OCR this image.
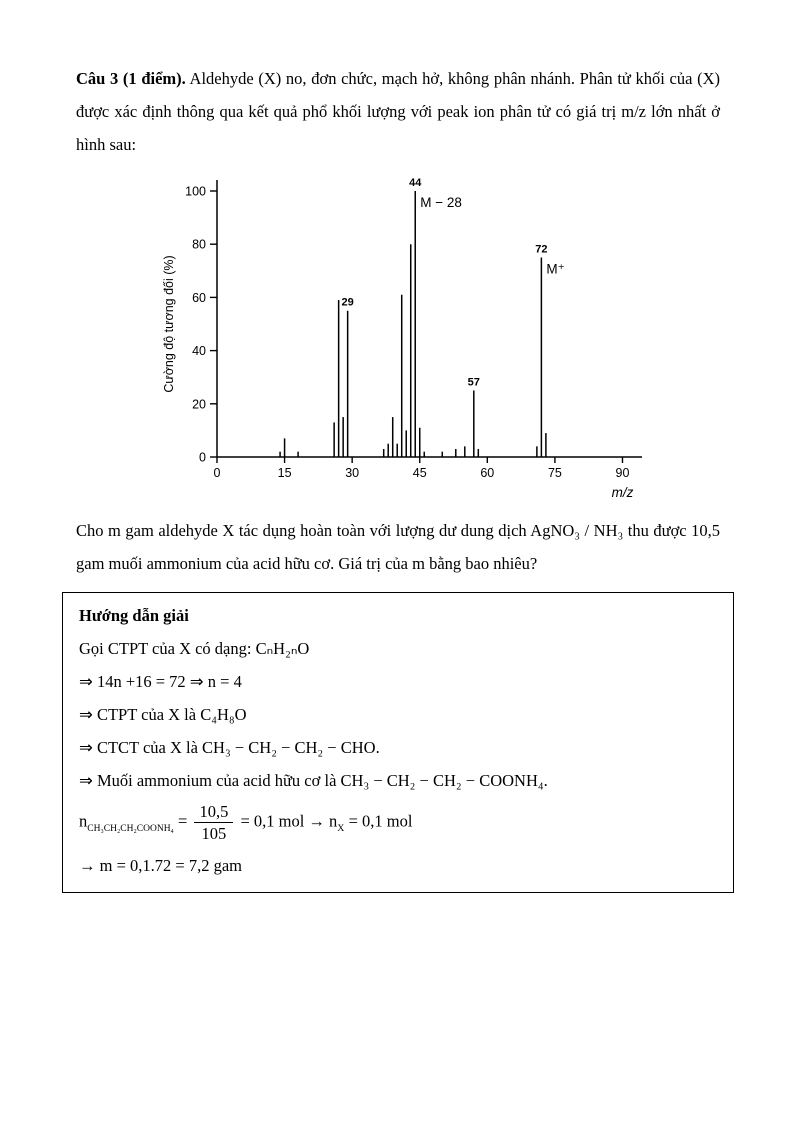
Câu 3 (1 điểm). Aldehyde (X) no, đơn chức, mạch hở, không phân nhánh. Phân tử khối của (X) được xác định thông qua kết quả phổ khối lượng với peak ion phân tử có giá trị m/z lớn nhất ở hình sau:

0
20
40
60
80
100
0	15	30	45	60	75	90
m/z
Cường độ tương đối (%)	29
44
57
72
M − 28
M⁺

Cho m gam aldehyde X tác dụng hoàn toàn với lượng dư dung dịch AgNO₃ / NH₃ thu được 10,5 gam muối ammonium của acid hữu cơ. Giá trị của m bằng bao nhiêu?

Hướng dẫn giải
Gọi CTPT của X có dạng: CₙH₂ₙO
⇒ 14n +16 = 72 ⇒ n = 4
⇒ CTPT của X là C₄H₈O
⇒ CTCT của X là CH₃ − CH₂ − CH₂ − CHO.
⇒ Muối ammonium của acid hữu cơ là CH₃ − CH₂ − CH₂ − COONH₄.
$n_{CH_3CH_2CH_2COONH_4} = \frac{10,5}{105} = 0,1$ mol → $n_X = 0,1$ mol
→ m = 0,1.72 = 7,2 gam
